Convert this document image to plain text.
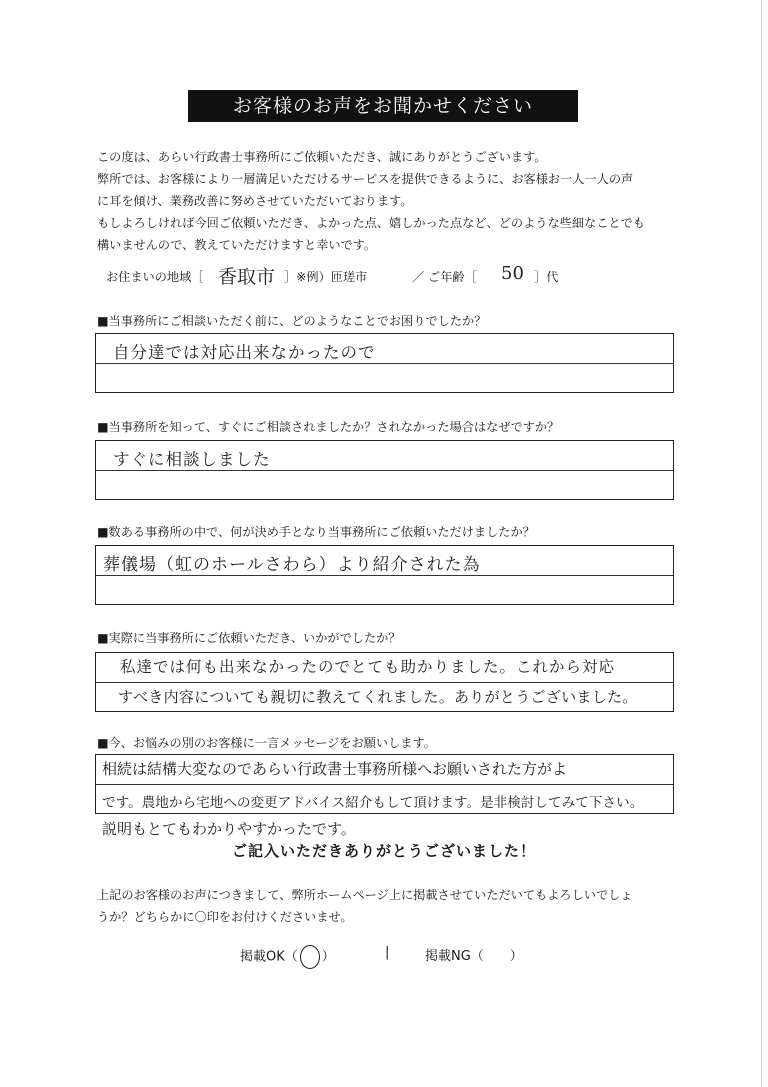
お客様のお声をお聞かせください
この度は、あらい行政書士事務所にご依頼いただき、誠にありがとうございます。
弊所では、お客様により一層満足いただけるサービスを提供できるように、お客様お一人一人の声
に耳を傾け、業務改善に努めさせていただいております。
もしよろしければ今回ご依頼いただき、よかった点、嬉しかった点など、どのような些細なことでも
構いませんので、教えていただけますと幸いです。
お住まいの地域［ 香取市 ］※例）匝瑳市	／ ご年齢［ 50 ］代
■当事務所にご相談いただく前に、どのようなことでお困りでしたか？
自分達では対応出来なかったので
■当事務所を知って、すぐにご相談されましたか？されなかった場合はなぜですか？
すぐに相談しました
■数ある事務所の中で、何が決め手となり当事務所にご依頼いただけましたか？
葬儀場（虹のホールさわら）より紹介された為
■実際に当事務所にご依頼いただき、いかがでしたか？
私達では何も出来なかったのでとても助かりました。これから対応
すべき内容についても親切に教えてくれました。ありがとうございました。
■今、お悩みの別のお客様に一言メッセージをお願いします。
相続は結構大変なのであらい行政書士事務所様へお願いされた方がよ
です。農地から宅地への変更アドバイス紹介もして頂けます。是非検討してみて下さい。
説明もとてもわかりやすかったです。
ご記入いただきありがとうございました！
上記のお客様のお声につきまして、弊所ホームページ上に掲載させていただいてもよろしいでしょ
うか？どちらかに〇印をお付けくださいませ。
掲載OK（ ）	|	掲載NG（　　）
